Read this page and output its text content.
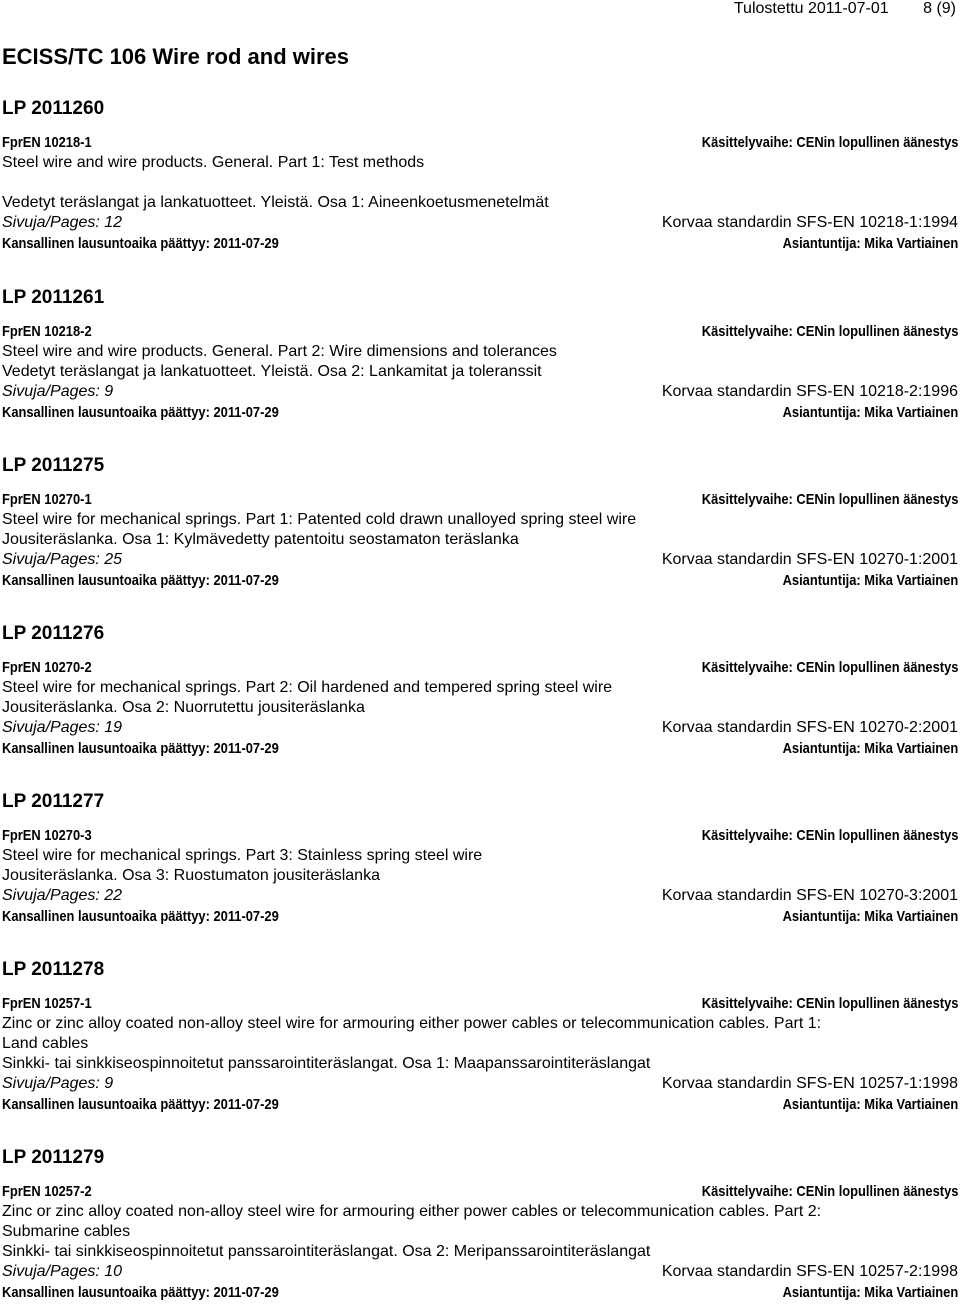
Tulostettu 2011-07-01 8 (9)
ECISS/TC 106 Wire rod and wires
LP 2011260
FprEN 10218-1	Käsittelyvaihe: CENin lopullinen äänestys
Steel wire and wire products. General. Part 1: Test methods
Vedetyt teräslangat ja lankatuotteet. Yleistä. Osa 1: Aineenkoetusmenetelmät
Sivuja/Pages: 12	Korvaa standardin SFS-EN 10218-1:1994
Kansallinen lausuntoaika päättyy: 2011-07-29	Asiantuntija: Mika Vartiainen
LP 2011261
FprEN 10218-2	Käsittelyvaihe: CENin lopullinen äänestys
Steel wire and wire products. General. Part 2: Wire dimensions and tolerances
Vedetyt teräslangat ja lankatuotteet. Yleistä. Osa 2: Lankamitat ja toleranssit
Sivuja/Pages: 9	Korvaa standardin SFS-EN 10218-2:1996
Kansallinen lausuntoaika päättyy: 2011-07-29	Asiantuntija: Mika Vartiainen
LP 2011275
FprEN 10270-1	Käsittelyvaihe: CENin lopullinen äänestys
Steel wire for mechanical springs. Part 1: Patented cold drawn unalloyed spring steel wire
Jousiteräslanka. Osa 1: Kylmävedetty patentoitu seostamaton teräslanka
Sivuja/Pages: 25	Korvaa standardin SFS-EN 10270-1:2001
Kansallinen lausuntoaika päättyy: 2011-07-29	Asiantuntija: Mika Vartiainen
LP 2011276
FprEN 10270-2	Käsittelyvaihe: CENin lopullinen äänestys
Steel wire for mechanical springs. Part 2: Oil hardened and tempered spring steel wire
Jousiteräslanka. Osa 2: Nuorrutettu jousiteräslanka
Sivuja/Pages: 19	Korvaa standardin SFS-EN 10270-2:2001
Kansallinen lausuntoaika päättyy: 2011-07-29	Asiantuntija: Mika Vartiainen
LP 2011277
FprEN 10270-3	Käsittelyvaihe: CENin lopullinen äänestys
Steel wire for mechanical springs. Part 3: Stainless spring steel wire
Jousiteräslanka. Osa 3: Ruostumaton jousiteräslanka
Sivuja/Pages: 22	Korvaa standardin SFS-EN 10270-3:2001
Kansallinen lausuntoaika päättyy: 2011-07-29	Asiantuntija: Mika Vartiainen
LP 2011278
FprEN 10257-1	Käsittelyvaihe: CENin lopullinen äänestys
Zinc or zinc alloy coated non-alloy steel wire for armouring either power cables or telecommunication cables. Part 1:
Land cables
Sinkki- tai sinkkiseospinnoitetut panssarointiteräslangat. Osa 1: Maapanssarointiteräslangat
Sivuja/Pages: 9	Korvaa standardin SFS-EN 10257-1:1998
Kansallinen lausuntoaika päättyy: 2011-07-29	Asiantuntija: Mika Vartiainen
LP 2011279
FprEN 10257-2	Käsittelyvaihe: CENin lopullinen äänestys
Zinc or zinc alloy coated non-alloy steel wire for armouring either power cables or telecommunication cables. Part 2:
Submarine cables
Sinkki- tai sinkkiseospinnoitetut panssarointiteräslangat. Osa 2: Meripanssarointiteräslangat
Sivuja/Pages: 10	Korvaa standardin SFS-EN 10257-2:1998
Kansallinen lausuntoaika päättyy: 2011-07-29	Asiantuntija: Mika Vartiainen
